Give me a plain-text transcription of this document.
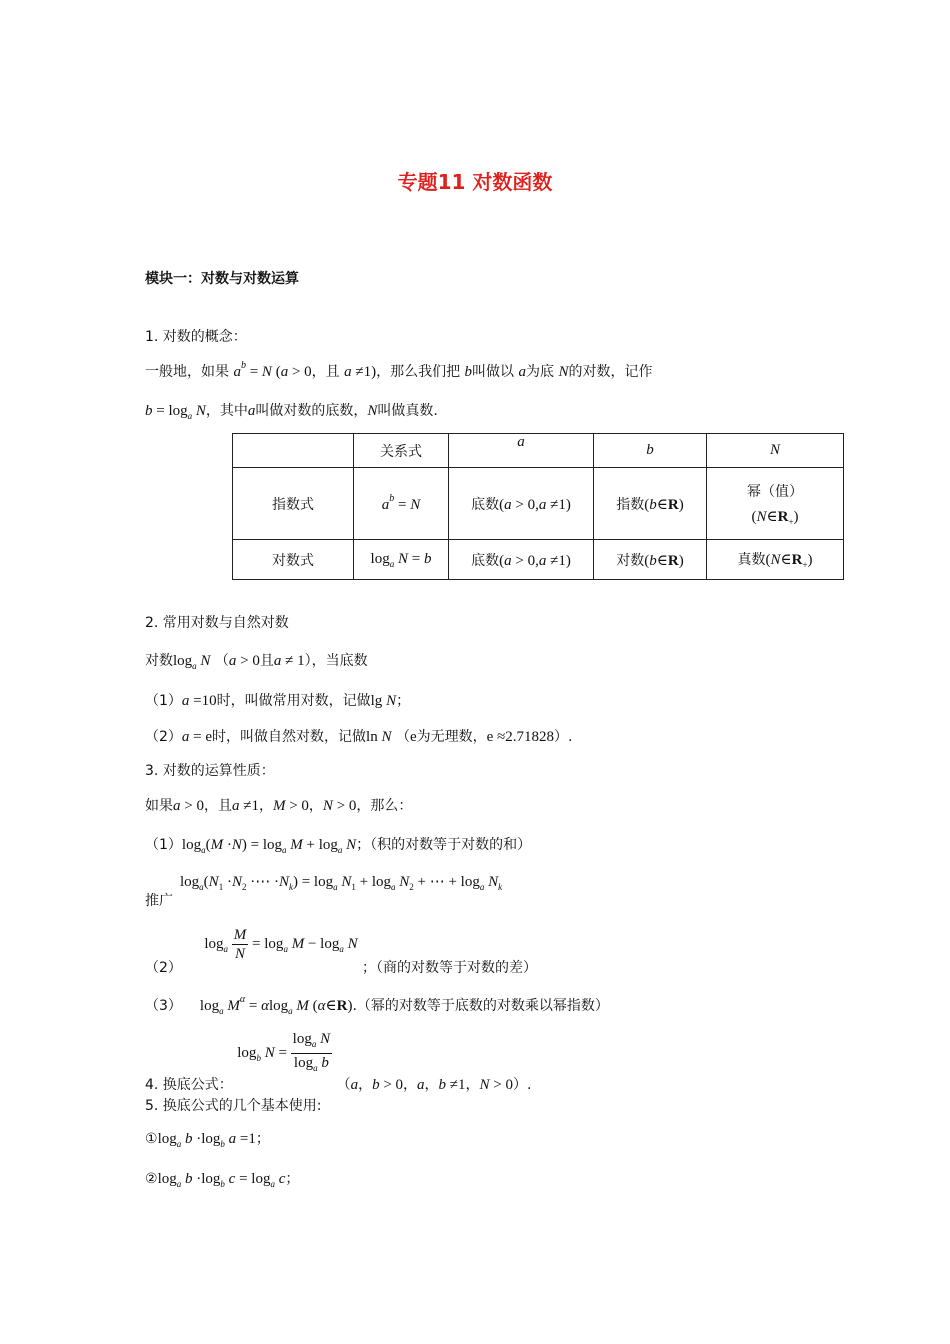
专题11 对数函数
模块一：对数与对数运算
1. 对数的概念：
一般地，如果 $a^b = N$ (a > 0，且 a ≠1)，那么我们把 b叫做以 a为底 N的对数，记作
$b = \log_a N$，其中a叫做对数的底数，N叫做真数.
	关系式	a	b	N
指数式	$a^b = N$	底数(a > 0,a ≠1)	指数(b∈R)	幂（值）
$(N\in R_+)$

对数式	$\log_a N = b$	底数(a > 0,a ≠1)	对数(b∈R)	真数$(N\in R_+)$
2. 常用对数与自然对数
对数$\log_a N$ （a > 0且a ≠ 1），当底数
（1）a =10时，叫做常用对数，记做lg N；
（2）a = e时，叫做自然对数，记做ln N （e为无理数，e ≈2.71828）.
3. 对数的运算性质：
如果a > 0，且a ≠1，M > 0，N > 0，那么：
$(1)\log_a(M \cdot N) = \log_a M + \log_a N$；（积的对数等于对数的和）
$\log_a(N_1 \cdot N_2$ ·⋯ $\cdot N_k) = \log_a N_1 + \log_a N_2$ + ⋯ + $\log_a N_k$
推广
（2） $\log_a \frac{M}{N} = \log_a M - \log_a N$ ；（商的对数等于对数的差）
（3） $\log_a M^\alpha = \alpha\log_a$ M (α∈R).（幂的对数等于底数的对数乘以幂指数）
4. 换底公式： $\log_b N = \frac{\log_a N}{\log_a b}$
（a，b > 0，a，b ≠1，N > 0）.
5. 换底公式的几个基本使用:
$①\log_a$ $b \cdot\log_b$ a =1；
$②\log_a$ $b \cdot\log_b$ $c = \log_a c$；
